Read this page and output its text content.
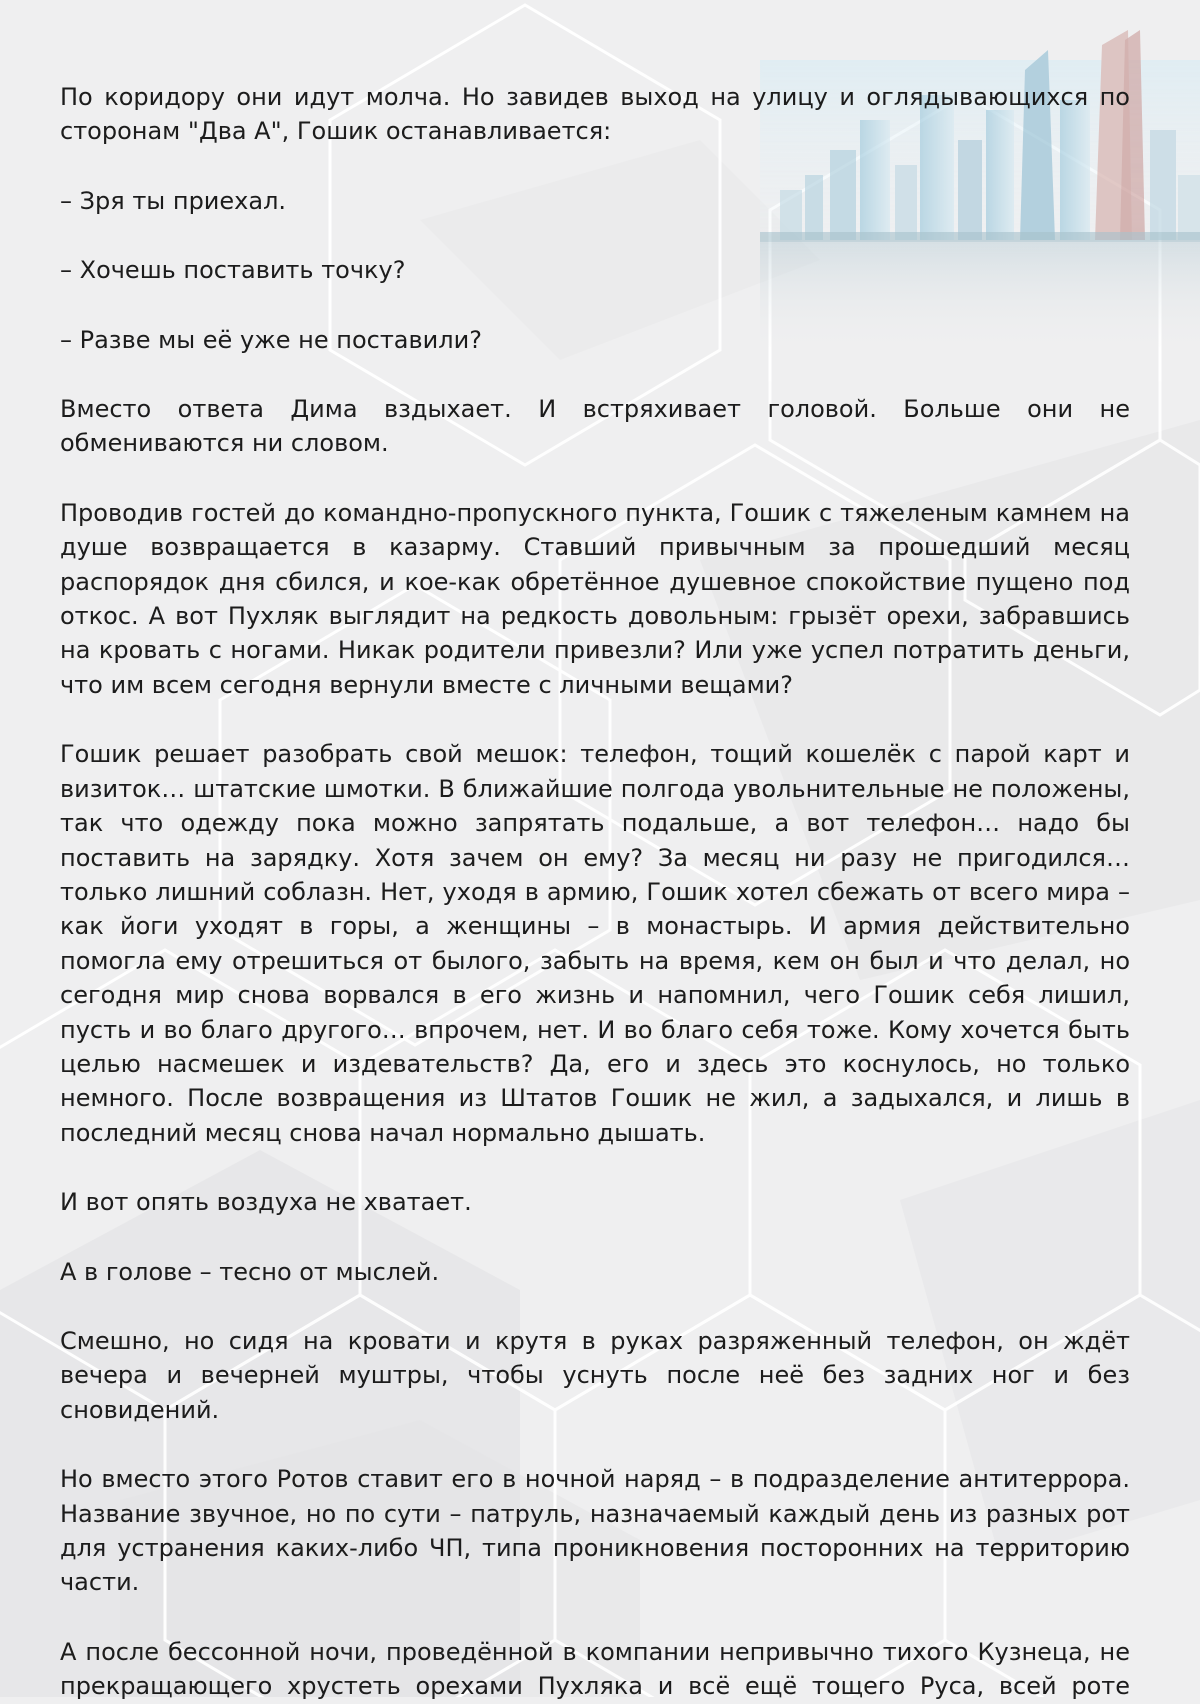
По коридору они идут молча. Но завидев выход на улицу и оглядывающихся по сторонам "Два А", Гошик останавливается:

– Зря ты приехал.

– Хочешь поставить точку?

– Разве мы её уже не поставили?

Вместо ответа Дима вздыхает. И встряхивает головой. Больше они не обмениваются ни словом.

Проводив гостей до командно-пропускного пункта, Гошик с тяжеленым камнем на душе возвращается в казарму. Ставший привычным за прошедший месяц распорядок дня сбился, и кое-как обретённое душевное спокойствие пущено под откос. А вот Пухляк выглядит на редкость довольным: грызёт орехи, забравшись на кровать с ногами. Никак родители привезли? Или уже успел потратить деньги, что им всем сегодня вернули вместе с личными вещами?

Гошик решает разобрать свой мешок: телефон, тощий кошелёк с парой карт и визиток… штатские шмотки. В ближайшие полгода увольнительные не положены, так что одежду пока можно запрятать подальше, а вот телефон… надо бы поставить на зарядку. Хотя зачем он ему? За месяц ни разу не пригодился… только лишний соблазн. Нет, уходя в армию, Гошик хотел сбежать от всего мира – как йоги уходят в горы, а женщины – в монастырь. И армия действительно помогла ему отрешиться от былого, забыть на время, кем он был и что делал, но сегодня мир снова ворвался в его жизнь и напомнил, чего Гошик себя лишил, пусть и во благо другого… впрочем, нет. И во благо себя тоже. Кому хочется быть целью насмешек и издевательств? Да, его и здесь это коснулось, но только немного. После возвращения из Штатов Гошик не жил, а задыхался, и лишь в последний месяц снова начал нормально дышать.

И вот опять воздуха не хватает.

А в голове – тесно от мыслей.

Смешно, но сидя на кровати и крутя в руках разряженный телефон, он ждёт вечера и вечерней муштры, чтобы уснуть после неё без задних ног и без сновидений.

Но вместо этого Ротов ставит его в ночной наряд – в подразделение антитеррора. Название звучное, но по сути – патруль, назначаемый каждый день из разных рот для устранения каких-либо ЧП, типа проникновения посторонних на территорию части.

А после бессонной ночи, проведённой в компании непривычно тихого Кузнеца, не прекращающего хрустеть орехами Пухляка и всё ещё тощего Руса, всей роте
